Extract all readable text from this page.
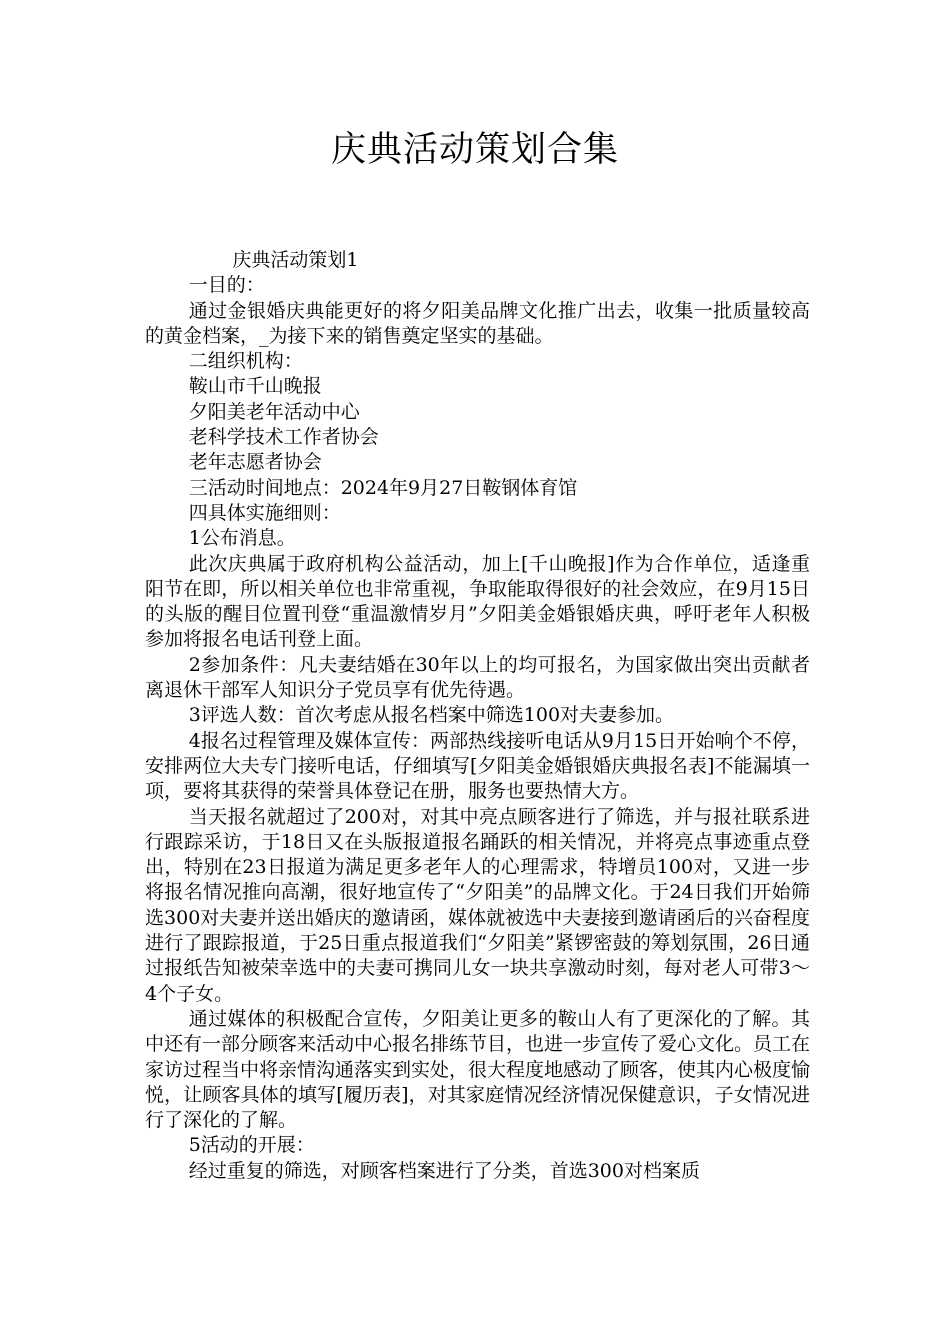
庆典活动策划合集

庆典活动策划1

一目的：

通过金银婚庆典能更好的将夕阳美品牌文化推广出去，收集一批质量较高的黄金档案，_为接下来的销售奠定坚实的基础。

二组织机构：

鞍山市千山晚报

夕阳美老年活动中心

老科学技术工作者协会

老年志愿者协会

三活动时间地点：2024年9月27日鞍钢体育馆

四具体实施细则：

1公布消息。

此次庆典属于政府机构公益活动，加上[千山晚报]作为合作单位，适逢重阳节在即，所以相关单位也非常重视，争取能取得很好的社会效应，在9月15日的头版的醒目位置刊登“重温激情岁月”夕阳美金婚银婚庆典，呼吁老年人积极参加将报名电话刊登上面。

2参加条件：凡夫妻结婚在30年以上的均可报名，为国家做出突出贡献者离退休干部军人知识分子党员享有优先待遇。

3评选人数：首次考虑从报名档案中筛选100对夫妻参加。

4报名过程管理及媒体宣传：两部热线接听电话从9月15日开始响个不停，安排两位大夫专门接听电话，仔细填写[夕阳美金婚银婚庆典报名表]不能漏填一项，要将其获得的荣誉具体登记在册，服务也要热情大方。

当天报名就超过了200对，对其中亮点顾客进行了筛选，并与报社联系进行跟踪采访，于18日又在头版报道报名踊跃的相关情况，并将亮点事迹重点登出，特别在23日报道为满足更多老年人的心理需求，特增员100对，又进一步将报名情况推向高潮，很好地宣传了“夕阳美”的品牌文化。于24日我们开始筛选300对夫妻并送出婚庆的邀请函，媒体就被选中夫妻接到邀请函后的兴奋程度进行了跟踪报道，于25日重点报道我们“夕阳美”紧锣密鼓的筹划氛围，26日通过报纸告知被荣幸选中的夫妻可携同儿女一块共享激动时刻，每对老人可带3～4个子女。

通过媒体的积极配合宣传，夕阳美让更多的鞍山人有了更深化的了解。其中还有一部分顾客来活动中心报名排练节目，也进一步宣传了爱心文化。员工在家访过程当中将亲情沟通落实到实处，很大程度地感动了顾客，使其内心极度愉悦，让顾客具体的填写[履历表]，对其家庭情况经济情况保健意识，子女情况进行了深化的了解。

5活动的开展：

经过重复的筛选，对顾客档案进行了分类，首选300对档案质
